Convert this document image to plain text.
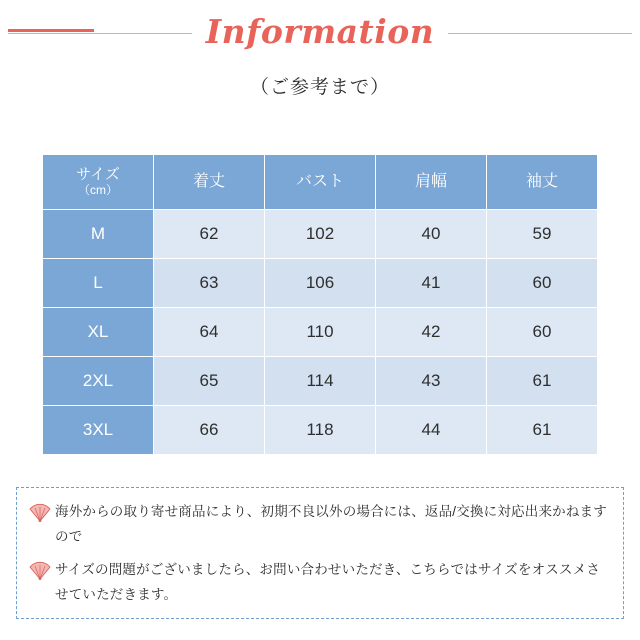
Information
（ご参考まで）
サイズ
（cm）	着丈	バスト	肩幅	袖丈
M	62	102	40	59
L	63	106	41	60
XL	64	110	42	60
2XL	65	114	43	61
3XL	66	118	44	61
海外からの取り寄せ商品により、初期不良以外の場合には、返品/交換に対応出来かねますので
サイズの問題がございましたら、お問い合わせいただき、こちらではサイズをオススメさせていただきます。
